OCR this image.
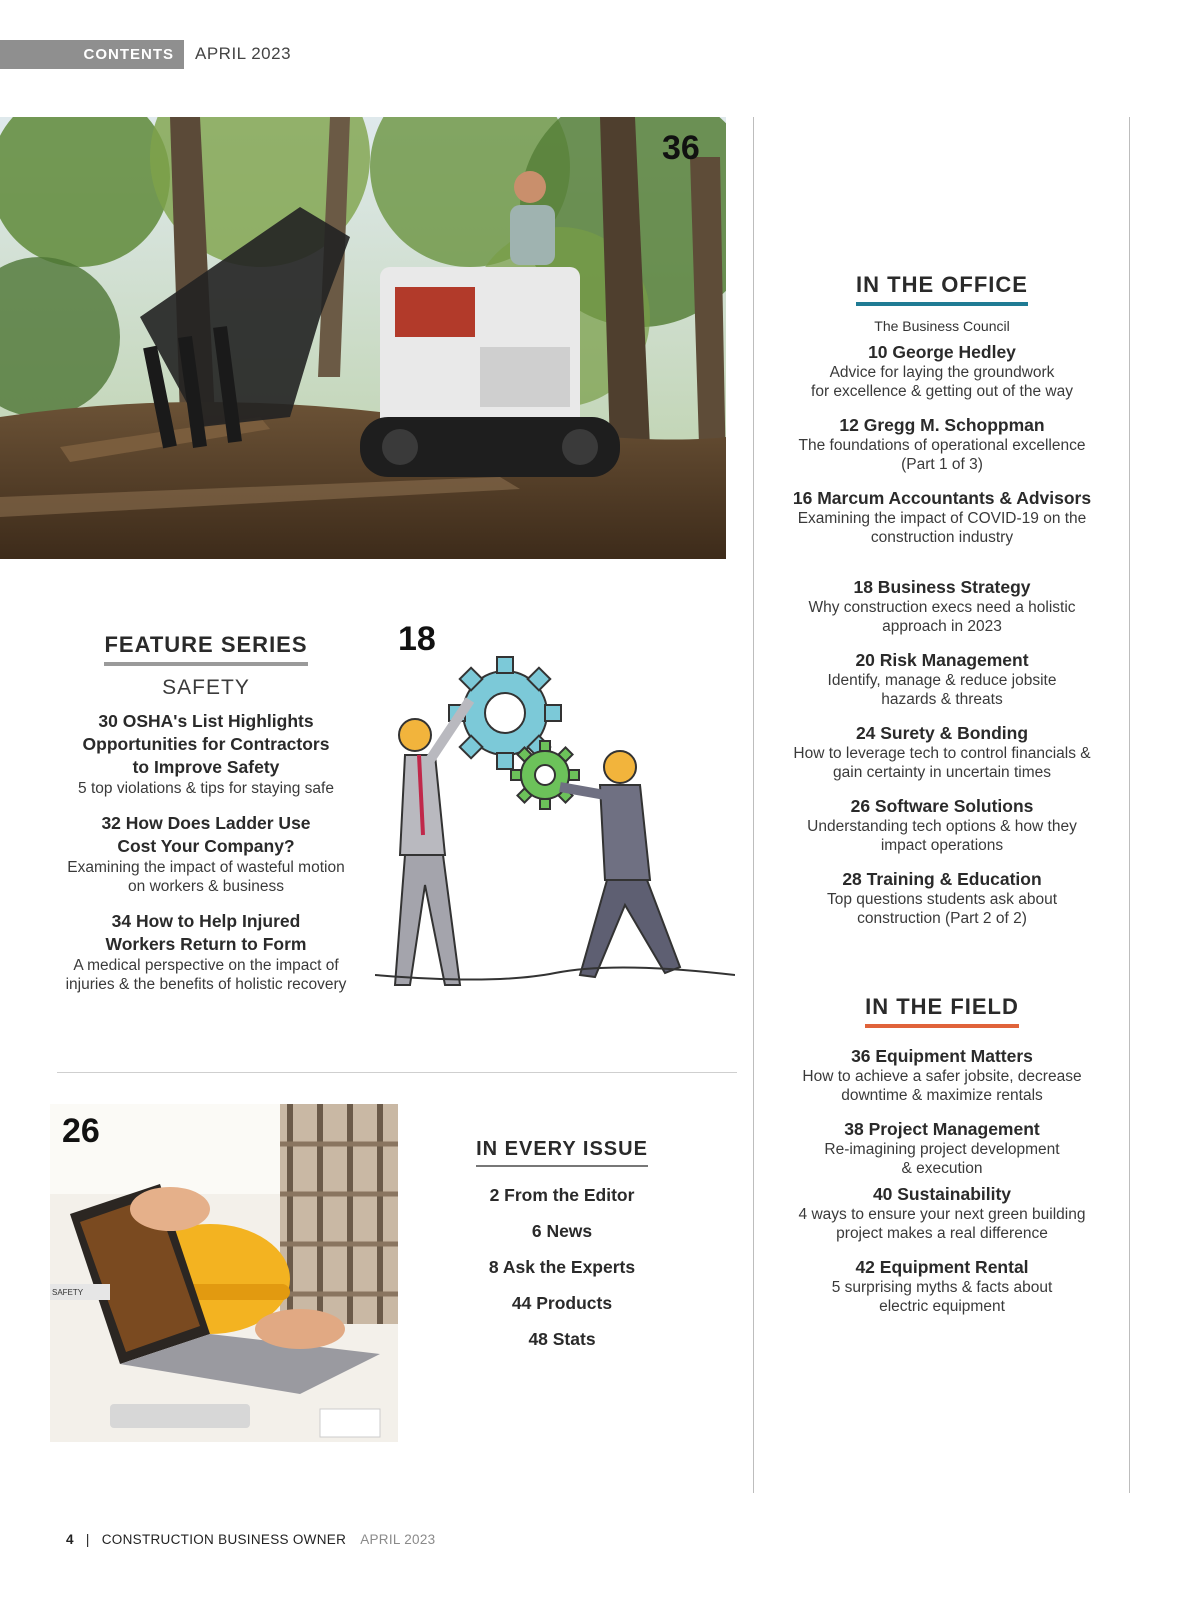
CONTENTS APRIL 2023
36
IN THE OFFICE
The Business Council
10 George Hedley
Advice for laying the groundwork
for excellence & getting out of the way
12 Gregg M. Schoppman
The foundations of operational excellence
(Part 1 of 3)
16 Marcum Accountants & Advisors
Examining the impact of COVID-19 on the
construction industry
18 Business Strategy
Why construction execs need a holistic
approach in 2023
20 Risk Management
Identify, manage & reduce jobsite
hazards & threats
24 Surety & Bonding
How to leverage tech to control financials &
gain certainty in uncertain times
26 Software Solutions
Understanding tech options & how they
impact operations
28 Training & Education
Top questions students ask about
construction (Part 2 of 2)
IN THE FIELD
36 Equipment Matters
How to achieve a safer jobsite, decrease
downtime & maximize rentals
38 Project Management
Re-imagining project development
& execution
40 Sustainability
4 ways to ensure your next green building
project makes a real difference
42 Equipment Rental
5 surprising myths & facts about
electric equipment
FEATURE SERIES
SAFETY
30 OSHA's List Highlights
Opportunities for Contractors
to Improve Safety
5 top violations & tips for staying safe
32 How Does Ladder Use
Cost Your Company?
Examining the impact of wasteful motion
on workers & business
34 How to Help Injured
Workers Return to Form
A medical perspective on the impact of
injuries & the benefits of holistic recovery
18
SAFETY
26	IN EVERY ISSUE
2 From the Editor
6 News
8 Ask the Experts
44 Products
48 Stats
4 | CONSTRUCTION BUSINESS OWNER APRIL 2023
